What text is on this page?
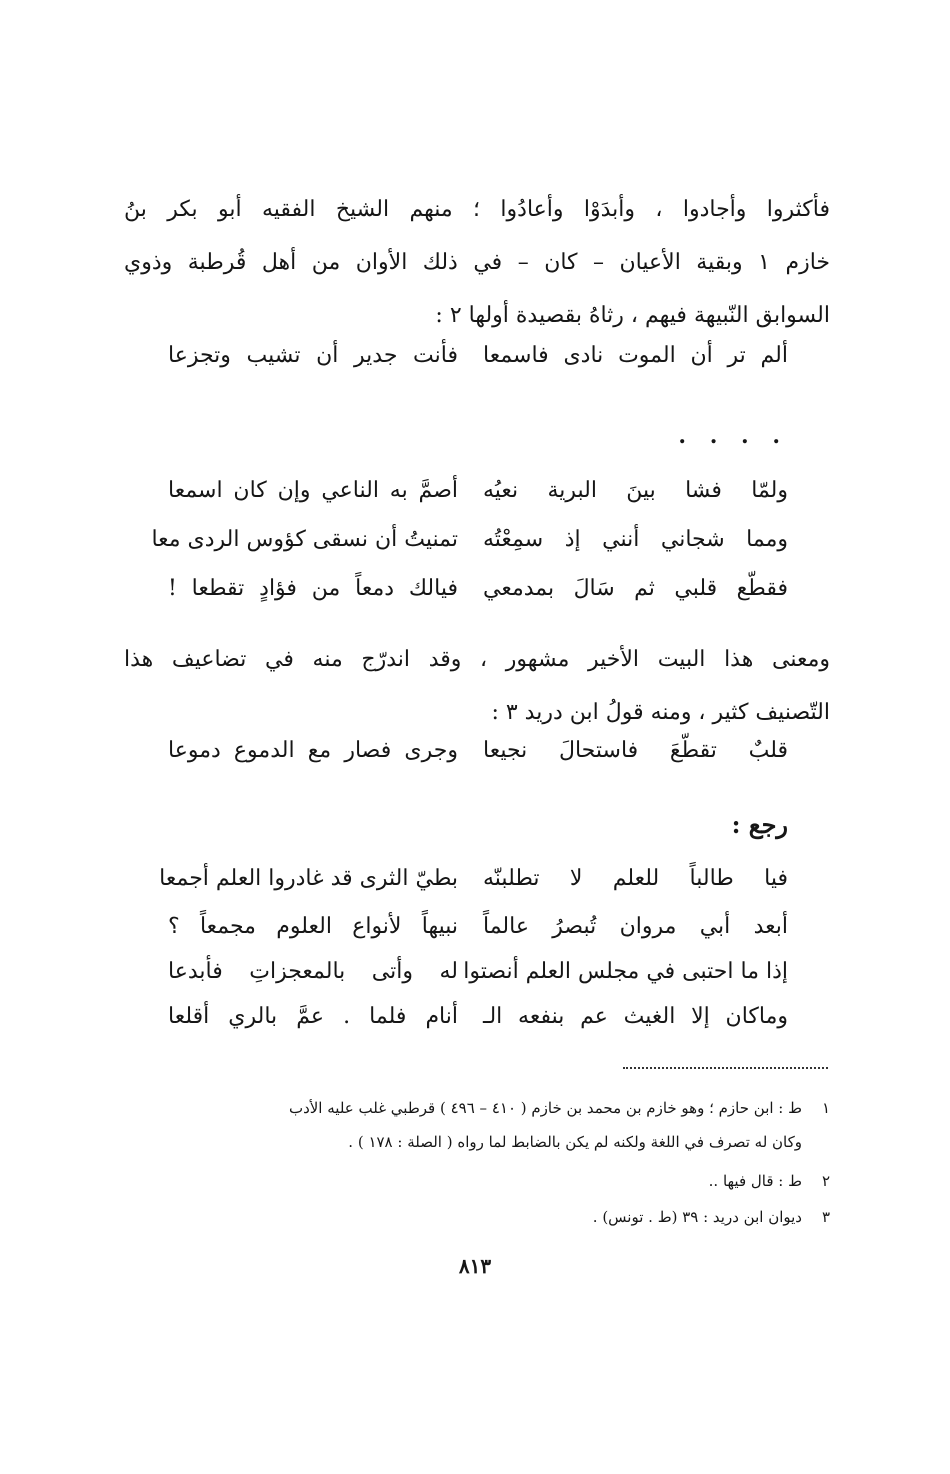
فأكثروا وأجادوا ، وأبدَوْا وأعادُوا ؛ منهم الشيخ الفقيه أبو بكر بنُ
خازم ١ وبقية الأعيان – كان – في ذلك الأوان من أهل قُرطبة وذوي
السوابق النّبيهة فيهم ، رثاهُ بقصيدة أولها ٢ :
ألم تر أن الموت نادى فاسمعا
فأنت جدير أن تشيب وتجزعا
. . . .
ولمّا فشا بينَ البرية نعيُه
أصمَّ به الناعي وإن كان اسمعا
ومما شجاني أنني إذ سمِعْتُه
تمنيتُ أن نسقى كؤوس الردى معا
فقطّع قلبي ثم سَالَ بمدمعي
فيالك دمعاً من فؤادٍ تقطعا !
ومعنى هذا البيت الأخير مشهور ، وقد اندرّج منه في تضاعيف هذا
التّصنيف كثير ، ومنه قولُ ابن دريد ٣ :
قلبٌ تقطّعَ فاستحالَ نجيعا
وجرى فصار مع الدموع دموعا
رجع :
فيا طالباً للعلم لا تطلبنّه
بطيّ الثرى قد غادروا العلم أجمعا
أبعد أبي مروان تُبصرُ عالماً
نبيهاً لأنواع العلوم مجمعاً ؟
إذا ما احتبى في مجلس العلم أنصتوا
له وأتى بالمعجزاتِ فأبدعا
وماكان إلا الغيث عم بنفعه الـ
أنام فلما . عمَّ بالري أقلعا
١ط : ابن حازم ؛ وهو خازم بن محمد بن خازم ( ٤١٠ – ٤٩٦ ) قرطبي غلب عليه الأدب
وكان له تصرف في اللغة ولكنه لم يكن بالضابط لما رواه ( الصلة : ١٧٨ ) .
٢ط : قال فيها ..
٣ديوان ابن دريد : ٣٩ (ط . تونس) .
٨١٣
